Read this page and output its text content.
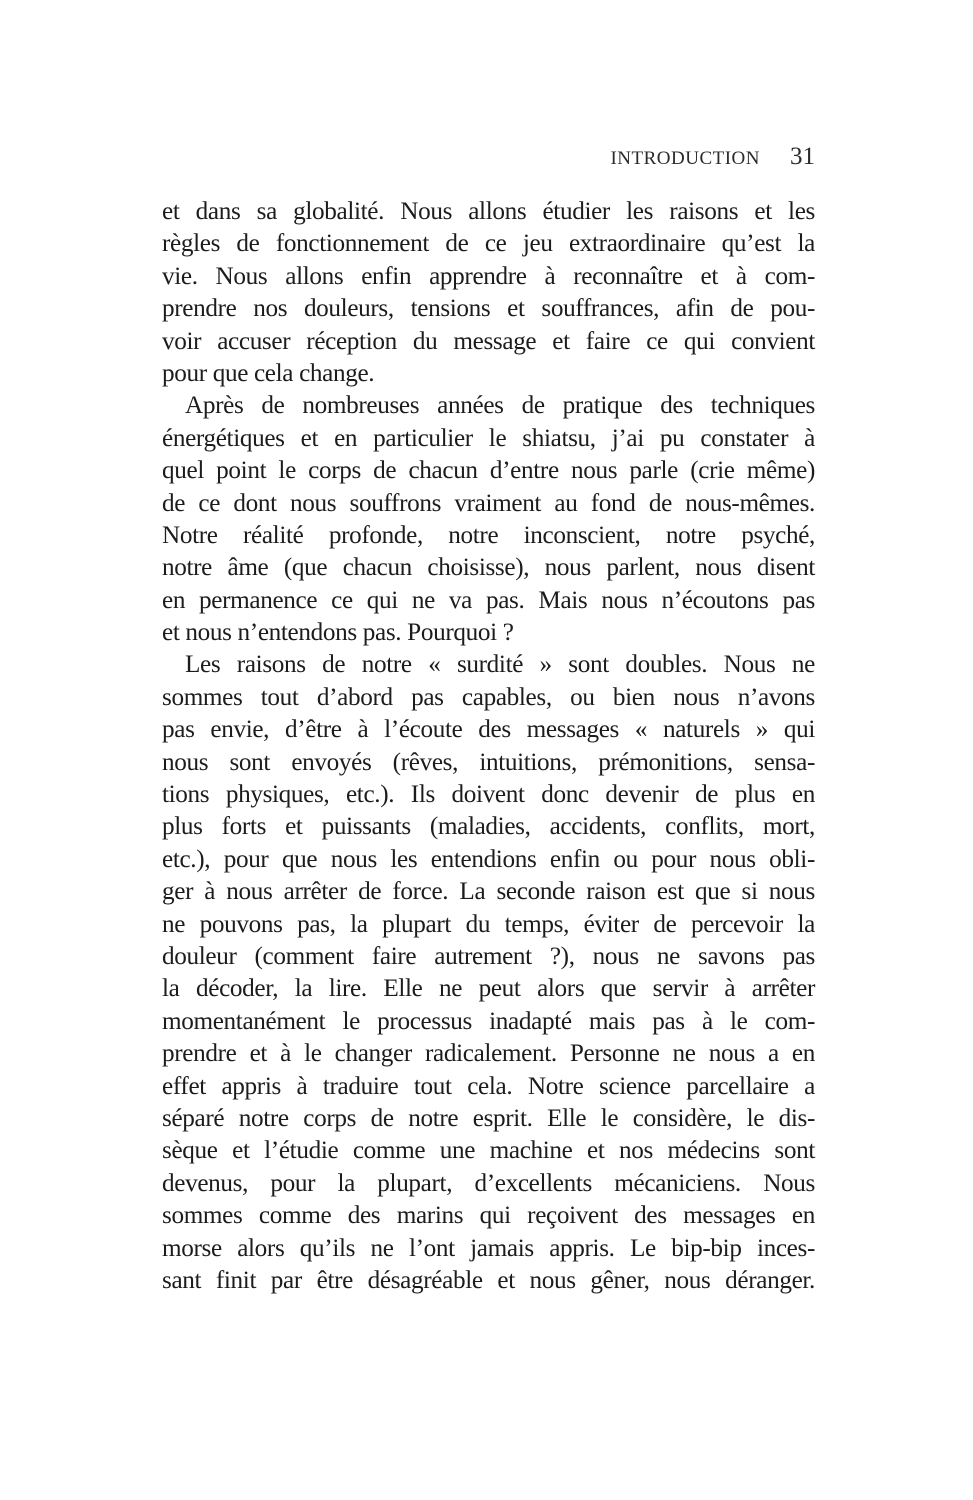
INTRODUCTION 31
et dans sa globalité. Nous allons étudier les raisons et les
règles de fonctionnement de ce jeu extraordinaire qu’est la
vie. Nous allons enfin apprendre à reconnaître et à com-
prendre nos douleurs, tensions et souffrances, afin de pou-
voir accuser réception du message et faire ce qui convient
pour que cela change.
Après de nombreuses années de pratique des techniques
énergétiques et en particulier le shiatsu, j’ai pu constater à
quel point le corps de chacun d’entre nous parle (crie même)
de ce dont nous souffrons vraiment au fond de nous-mêmes.
Notre réalité profonde, notre inconscient, notre psyché,
notre âme (que chacun choisisse), nous parlent, nous disent
en permanence ce qui ne va pas. Mais nous n’écoutons pas
et nous n’entendons pas. Pourquoi ?
Les raisons de notre « surdité » sont doubles. Nous ne
sommes tout d’abord pas capables, ou bien nous n’avons
pas envie, d’être à l’écoute des messages « naturels » qui
nous sont envoyés (rêves, intuitions, prémonitions, sensa-
tions physiques, etc.). Ils doivent donc devenir de plus en
plus forts et puissants (maladies, accidents, conflits, mort,
etc.), pour que nous les entendions enfin ou pour nous obli-
ger à nous arrêter de force. La seconde raison est que si nous
ne pouvons pas, la plupart du temps, éviter de percevoir la
douleur (comment faire autrement ?), nous ne savons pas
la décoder, la lire. Elle ne peut alors que servir à arrêter
momentanément le processus inadapté mais pas à le com-
prendre et à le changer radicalement. Personne ne nous a en
effet appris à traduire tout cela. Notre science parcellaire a
séparé notre corps de notre esprit. Elle le considère, le dis-
sèque et l’étudie comme une machine et nos médecins sont
devenus, pour la plupart, d’excellents mécaniciens. Nous
sommes comme des marins qui reçoivent des messages en
morse alors qu’ils ne l’ont jamais appris. Le bip-bip inces-
sant finit par être désagréable et nous gêner, nous déranger.
